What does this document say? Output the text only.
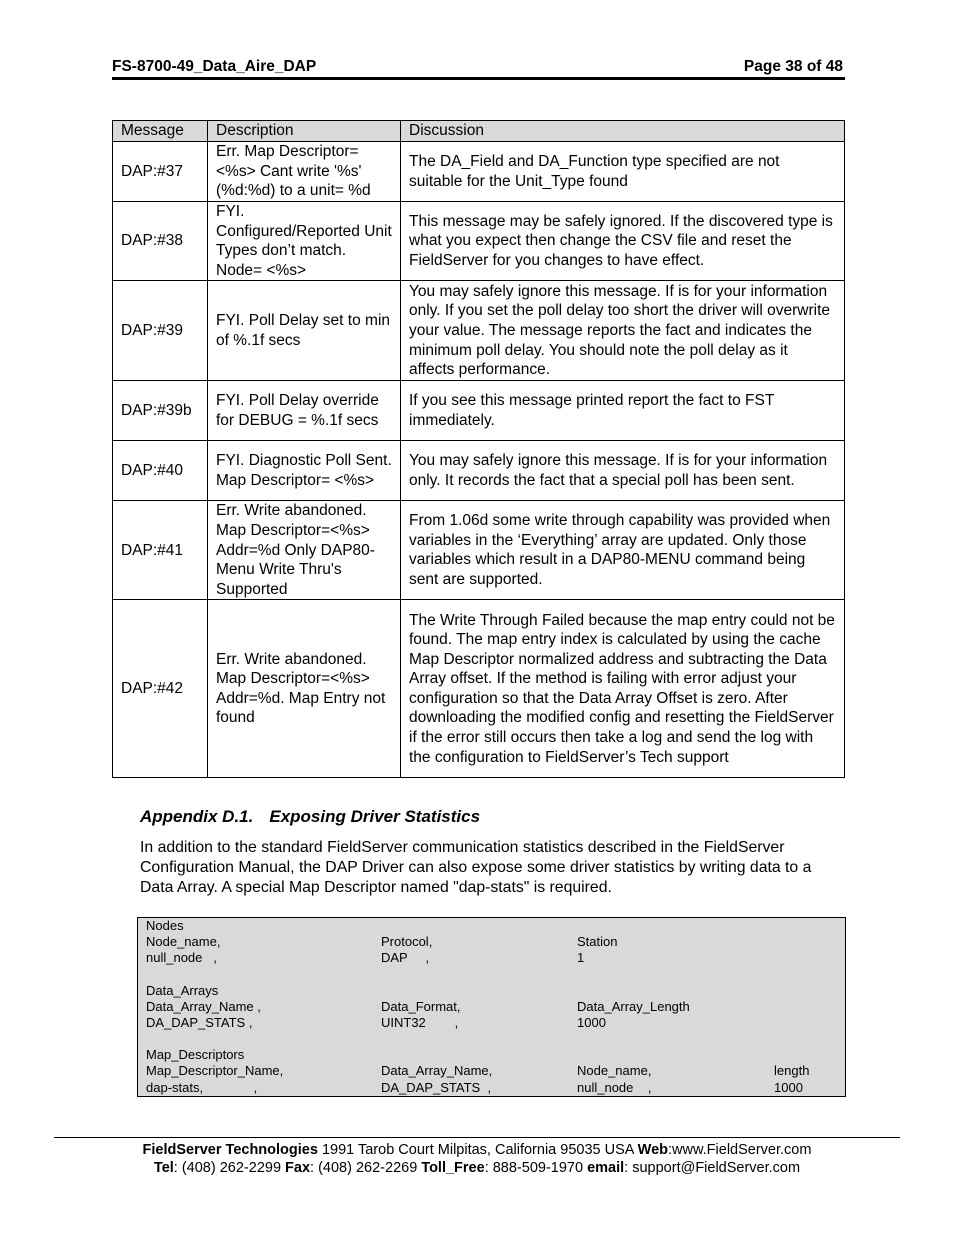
FS-8700-49_Data_Aire_DAP	Page 38 of 48
Message	Description	Discussion
DAP:#37	Err. Map Descriptor= <%s> Cant write '%s' (%d:%d) to a unit= %d	The DA_Field and DA_Function type specified are not suitable for the Unit_Type found
DAP:#38	FYI. Configured/Reported Unit Types don’t match. Node= <%s>	This message may be safely ignored. If the discovered type is what you expect then change the CSV file and reset the FieldServer for you changes to have effect.
DAP:#39	FYI. Poll Delay set to min of %.1f secs	You may safely ignore this message. If is for your information only. If you set the poll delay too short the driver will overwrite your value. The message reports the fact and indicates the minimum poll delay. You should note the poll delay as it affects performance.
DAP:#39b	FYI. Poll Delay override for DEBUG = %.1f secs	If you see this message printed report the fact to FST immediately.
DAP:#40	FYI. Diagnostic Poll Sent. Map Descriptor= <%s>	You may safely ignore this message. If is for your information only. It records the fact that a special poll has been sent.
DAP:#41	Err. Write abandoned. Map Descriptor=<%s> Addr=%d Only DAP80-Menu Write Thru's Supported	From 1.06d some write through capability was provided when variables in the ‘Everything’ array are updated. Only those variables which result in a DAP80-MENU command being sent are supported.
DAP:#42	Err. Write abandoned. Map Descriptor=<%s> Addr=%d. Map Entry not found	The Write Through Failed because the map entry could not be found. The map entry index is calculated by using the cache Map Descriptor normalized address and subtracting the Data Array offset. If the method is failing with error adjust your configuration so that the Data Array Offset is zero. After downloading the modified config and resetting the FieldServer if the error still occurs then take a log and send the log with the configuration to FieldServer’s Tech support
Appendix D.1. Exposing Driver Statistics
In addition to the standard FieldServer communication statistics described in the FieldServer Configuration Manual, the DAP Driver can also expose some driver statistics by writing data to a Data Array. A special Map Descriptor named "dap-stats" is required.
Nodes
Node_name,	Protocol,	Station
null_node   ,	DAP     ,	1
Data_Arrays
Data_Array_Name ,	Data_Format,	Data_Array_Length
DA_DAP_STATS ,	UINT32        ,	1000
Map_Descriptors
Map_Descriptor_Name,	Data_Array_Name,	Node_name,	length
dap-stats,              ,	DA_DAP_STATS  ,	null_node    ,	1000
FieldServer Technologies 1991 Tarob Court Milpitas, California 95035 USA Web:www.FieldServer.com
Tel: (408) 262-2299 Fax: (408) 262-2269 Toll_Free: 888-509-1970 email: support@FieldServer.com
